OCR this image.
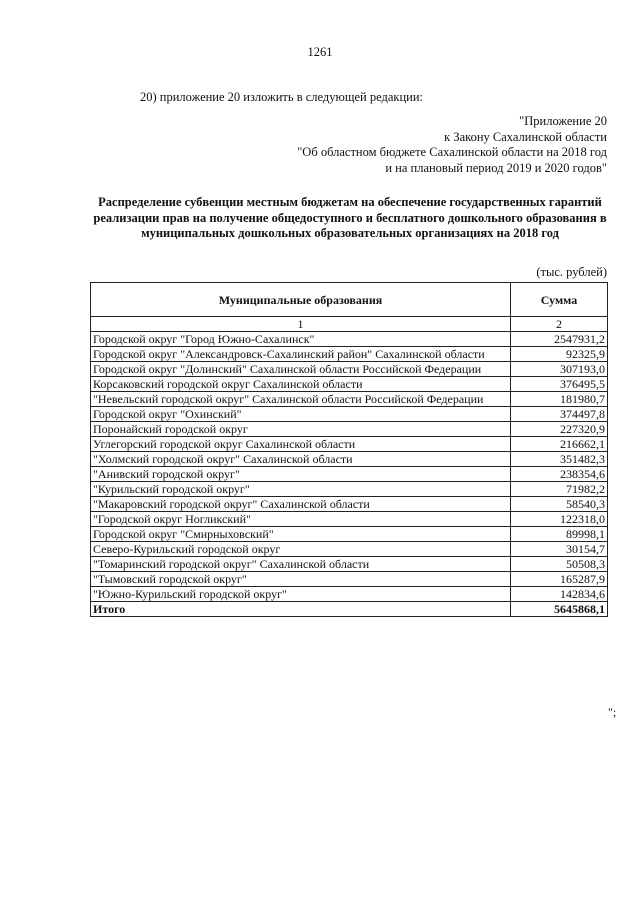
1261
20) приложение 20 изложить в следующей редакции:
"Приложение 20
к Закону Сахалинской области
"Об областном бюджете Сахалинской области на 2018 год
и на плановый период 2019 и 2020 годов"
Распределение субвенции местным бюджетам на обеспечение государственных гарантий реализации прав на получение общедоступного и бесплатного дошкольного образования в муниципальных дошкольных образовательных организациях на 2018 год
(тыс. рублей)
Муниципальные образования	Сумма
1	2
Городской округ "Город Южно-Сахалинск"	2547931,2
Городской округ "Александровск-Сахалинский район" Сахалинской области	92325,9
Городской округ "Долинский" Сахалинской области Российской Федерации	307193,0
Корсаковский городской округ Сахалинской области	376495,5
"Невельский городской округ" Сахалинской области Российской Федерации	181980,7
Городской округ "Охинский"	374497,8
Поронайский городской округ	227320,9
Углегорский городской округ Сахалинской области	216662,1
"Холмский городской округ" Сахалинской области	351482,3
"Анивский городской округ"	238354,6
"Курильский городской округ"	71982,2
"Макаровский городской округ" Сахалинской области	58540,3
"Городской округ Ногликский"	122318,0
Городской округ "Смирныховский"	89998,1
Северо-Курильский городской округ	30154,7
"Томаринский городской округ" Сахалинской области	50508,3
"Тымовский городской округ"	165287,9
"Южно-Курильский городской округ"	142834,6
Итого	5645868,1
";
